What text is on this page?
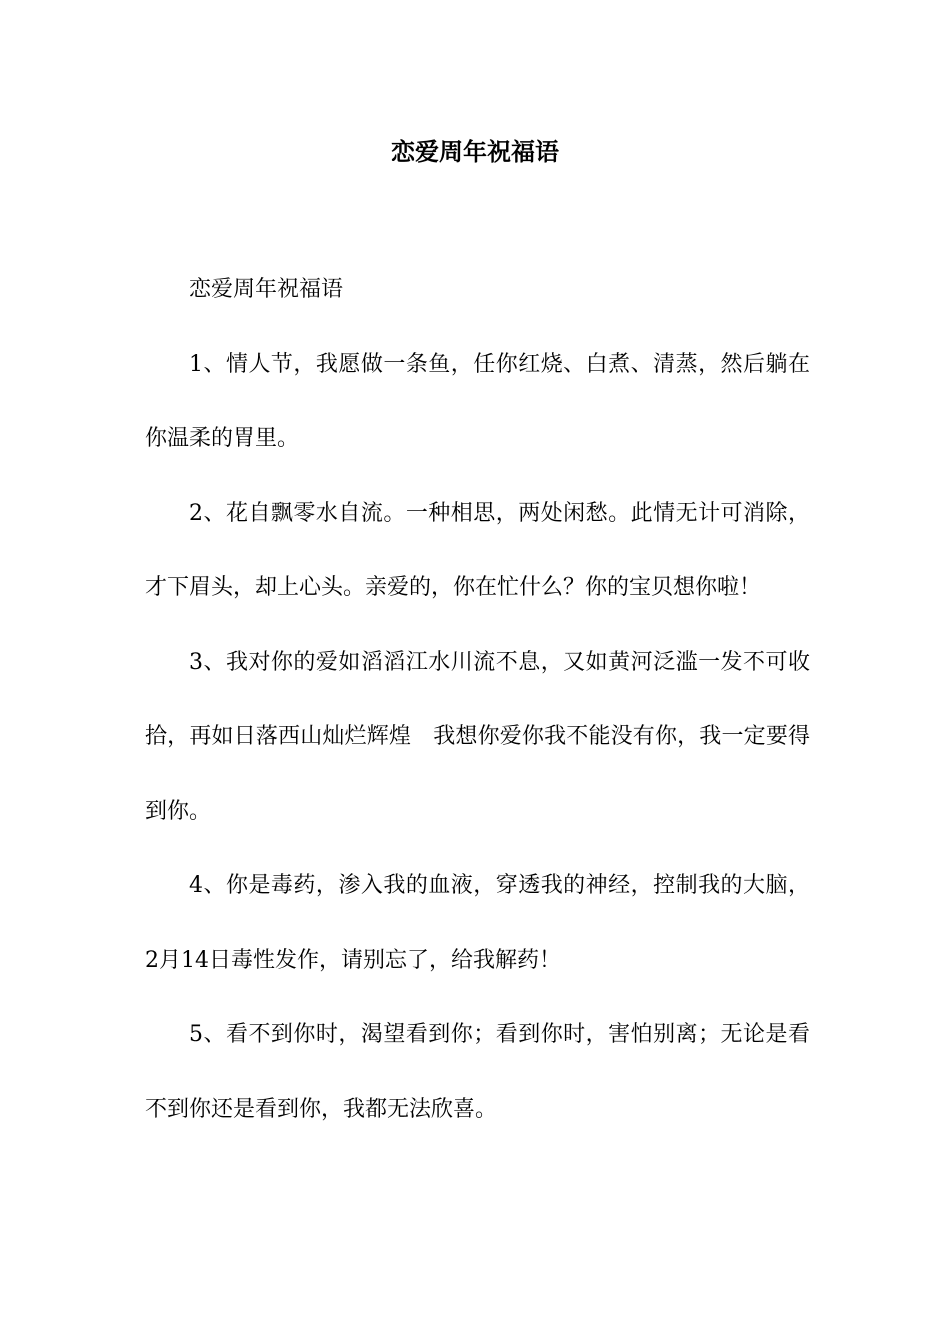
恋爱周年祝福语

恋爱周年祝福语

1、情人节，我愿做一条鱼，任你红烧、白煮、清蒸，然后躺在你温柔的胃里。

2、花自飘零水自流。一种相思，两处闲愁。此情无计可消除，才下眉头，却上心头。亲爱的，你在忙什么？你的宝贝想你啦！

3、我对你的爱如滔滔江水川流不息，又如黄河泛滥一发不可收拾，再如日落西山灿烂辉煌　我想你爱你我不能没有你，我一定要得到你。

4、你是毒药，渗入我的血液，穿透我的神经，控制我的大脑，2月14日毒性发作，请别忘了，给我解药！

5、看不到你时，渴望看到你；看到你时，害怕别离；无论是看不到你还是看到你，我都无法欣喜。
